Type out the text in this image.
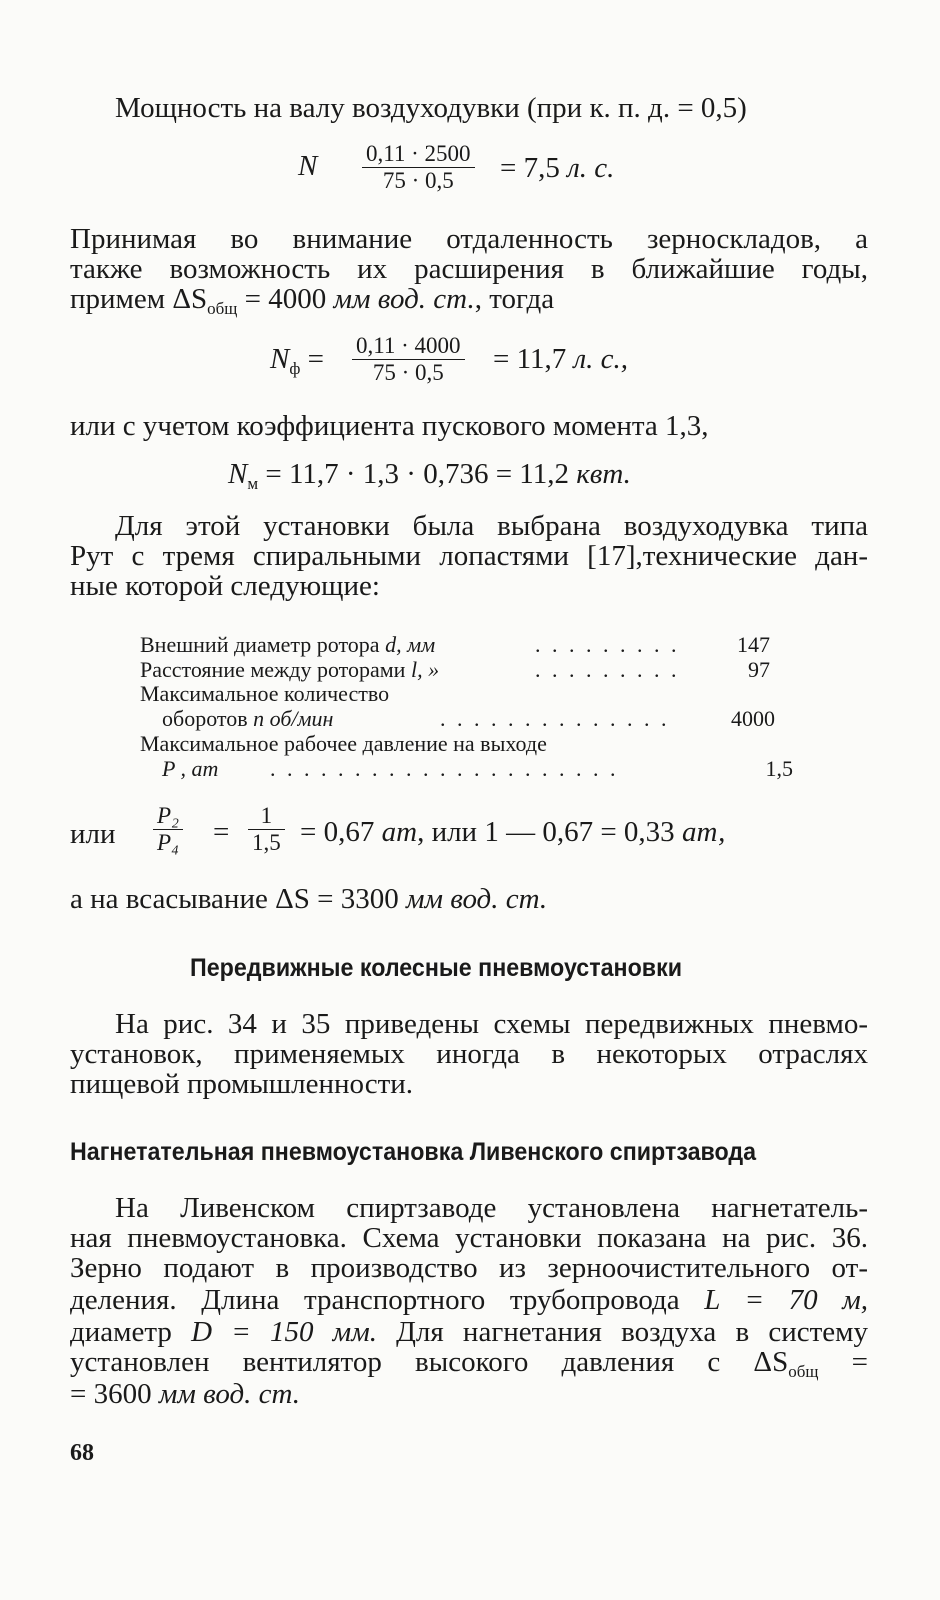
Мощность на валу воздуходувки (при к. п. д. = 0,5)
N $\frac{0,11 \cdot 2500}{75 \cdot 0,5} = 7,5$ л. с.
Принимая во внимание отдаленность зерноскладов, а
также возможность их расширения в ближайшие годы,
примем $\Delta S_{общ} = 4000$ мм вод. ст., тогда
$N_ф = \frac{0,11 \cdot 4000}{75 \cdot 0,5} = 11,7$ л. с.,
или с учетом коэффициента пускового момента 1,3,
$N_м = 11,7 \cdot 1,3 \cdot 0,736 = 11,2$ квт.
Для этой установки была выбрана воздуходувка типа
Рут с тремя спиральными лопастями [17],технические дан-
ные которой следующие:
Внешний диаметр ротора d, мм	. . . . . . . . .	147
Расстояние между роторами l, »	. . . . . . . . .	97
Максимальное количество
оборотов n об/мин	. . . . . . . . . . . . . .	4000
Максимальное рабочее давление на выходе
P , ат . . . . . . . . . . . . . . . . . . . . .	1,5
или $\frac{\text{P₂}}{\text{P₄}} = \frac{1}{1,5} = 0,67$ ат, или 1 — 0,67 = 0,33 ат,
а на всасывание ΔS = 3300 мм вод. ст.
Передвижные колесные пневмоустановки
На рис. 34 и 35 приведены схемы передвижных пневмо-
установок, применяемых иногда в некоторых отраслях
пищевой промышленности.
Нагнетательная пневмоустановка Ливенского спиртзавода
На Ливенском спиртзаводе установлена нагнетатель-
ная пневмоустановка. Схема установки показана на рис. 36.
Зерно подают в производство из зерноочистительного от-
деления. Длина транспортного трубопровода L = 70 м,
диаметр D = 150 мм. Для нагнетания воздуха в систему
установлен вентилятор высокого давления с $\Delta S_{общ}$ =
= 3600 мм вод. ст.
68
